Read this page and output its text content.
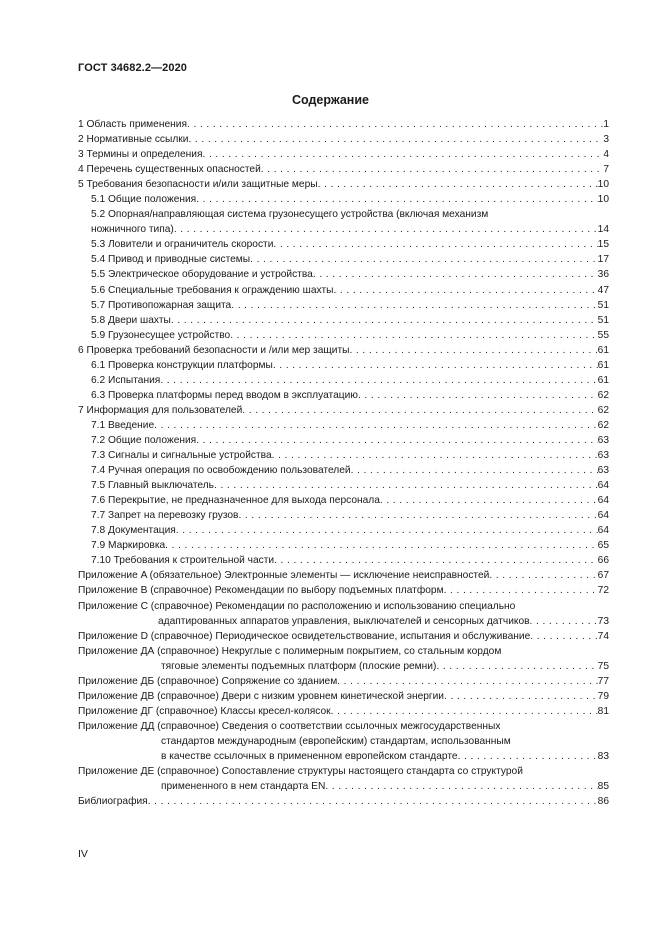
ГОСТ 34682.2—2020
Содержание
1 Область применения . . .	1
2 Нормативные ссылки . . .	3
3 Термины и определения . . .	4
4 Перечень существенных опасностей . . .	7
5 Требования безопасности и/или защитные меры . . .	10
5.1 Общие положения . . .	10
5.2 Опорная/направляющая система грузонесущего устройства (включая механизм
ножничного типа) . . .	14
5.3 Ловители и ограничитель скорости . . .	15
5.4 Привод и приводные системы . . .	17
5.5 Электрическое оборудование и устройства . . .	36
5.6 Специальные требования к ограждению шахты . . .	47
5.7 Противопожарная защита . . .	51
5.8 Двери шахты . . .	51
5.9 Грузонесущее устройство . . .	55
6 Проверка требований безопасности и /или мер защиты . . .	61
6.1 Проверка конструкции платформы . . .	61
6.2 Испытания . . .	61
6.3 Проверка платформы перед вводом в эксплуатацию . . .	62
7 Информация для пользователей . . .	62
7.1 Введение . . .	62
7.2 Общие положения . . .	63
7.3 Сигналы и сигнальные устройства . . .	63
7.4 Ручная операция по освобождению пользователей . . .	63
7.5 Главный выключатель . . .	64
7.6 Перекрытие, не предназначенное для выхода персонала . . .	64
7.7 Запрет на перевозку грузов . . .	64
7.8 Документация . . .	64
7.9 Маркировка . . .	65
7.10 Требования к строительной части . . .	66
Приложение A (обязательное) Электронные элементы — исключение неисправностей . . .	67
Приложение B (справочное) Рекомендации по выбору подъемных платформ . . .	72
Приложение C (справочное) Рекомендации по расположению и использованию специально
адаптированных аппаратов управления, выключателей и сенсорных датчиков . . .	73
Приложение D (справочное) Периодическое освидетельствование, испытания и обслуживание . . .	74
Приложение ДА (справочное) Некруглые с полимерным покрытием, со стальным кордом
тяговые элементы подъемных платформ (плоские ремни) . . .	75
Приложение ДБ (справочное) Сопряжение со зданием . . .	77
Приложение ДВ (справочное) Двери с низким уровнем кинетической энергии . . .	79
Приложение ДГ (справочное) Классы кресел-колясок . . .	81
Приложение ДД (справочное) Сведения о соответствии ссылочных межгосударственных
стандартов международным (европейским) стандартам, использованным
в качестве ссылочных в примененном европейском стандарте . . .	83
Приложение ДЕ (справочное) Сопоставление структуры настоящего стандарта со структурой
примененного в нем стандарта EN . . .	85
Библиография . . .	86
IV
